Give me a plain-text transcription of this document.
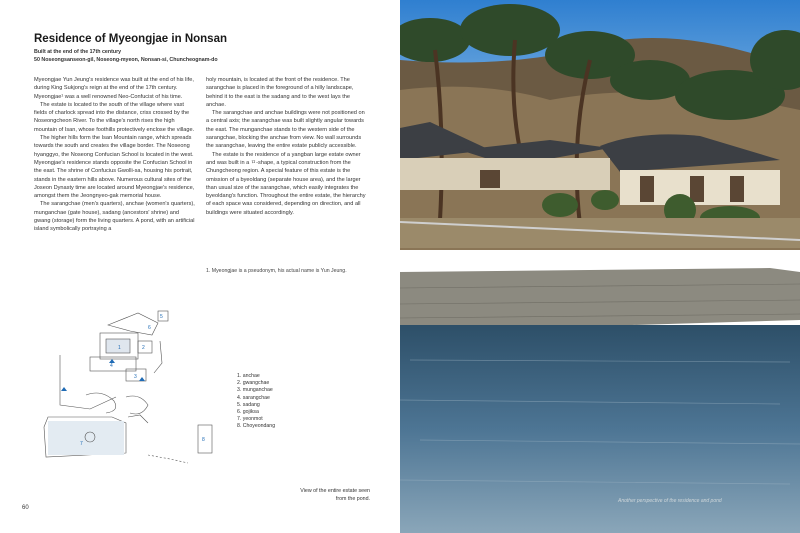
Residence of Myeongjae in Nonsan
Built at the end of the 17th century
50 Noseongsanseon-gil, Noseong-myeon, Nonsan-si, Chuncheognam-do

Myeongjae Yun Jeung's residence was built at the end of his life, during King Sukjong's reign at the end of the 17th century. Myeongjae¹ was a well renowned Neo-Confucist of his time.

The estate is located to the south of the village where vast fields of charlock spread into the distance, criss crossed by the Noseongcheon River. To the village's north rises the high mountain of Isan, whose foothills protectively enclose the village.

The higher hills form the Isan Mountain range, which spreads towards the south and creates the village border. The Noseong hyanggyo, the Noseong Confucian School is located in the west. Myeongjae's residence stands opposite the Confucian School in the east. The shrine of Confucius Gwolli-sa, housing his portrait, stands in the eastern hills above. Numerous cultural sites of the Joseon Dynasty time are located around Myeongjae's residence, amongst them the Jeongnyeo-gak memorial house.

The sarangchae (men's quarters), anchae (women's quarters), munganchae (gate house), sadang (ancestors' shrine) and gwang (storage) form the living quarters. A pond, with an artificial island symbolically portraying a

holy mountain, is located at the front of the residence. The sarangchae is placed in the foreground of a hilly landscape, behind it to the east is the sadang and to the west lays the anchae.

The sarangchae and anchae buildings were not positioned on a central axis; the sarangchae was built slightly angular towards the east. The munganchae stands to the western side of the sarangchae, blocking the anchae from view. No wall surrounds the sarangchae, leaving the entire estate publicly accessible.

The estate is the residence of a yangban large estate owner and was built in a ㅁ-shape, a typical construction from the Chungcheong region. A special feature of this estate is the omission of a byeoldang (separate house area), and the larger than usual size of the sarangchae, which easily integrates the byeoldang's function. Throughout the entire estate, the hierarchy of each space was considered, depending on direction, and all buildings were situated accordingly.

1. Myeongjae is a pseudonym, his actual name is Yun Jeung.
1	2
3
4
5
6
7
8
1. anchae
2. gwangchae
3. munganchae
4. sarangchae
5. sadang
6. gojiksa
7. yeonmot
8. Choyeondang
View of the entire estate seen
from the pond.
60
Another perspective of the residence and pond
